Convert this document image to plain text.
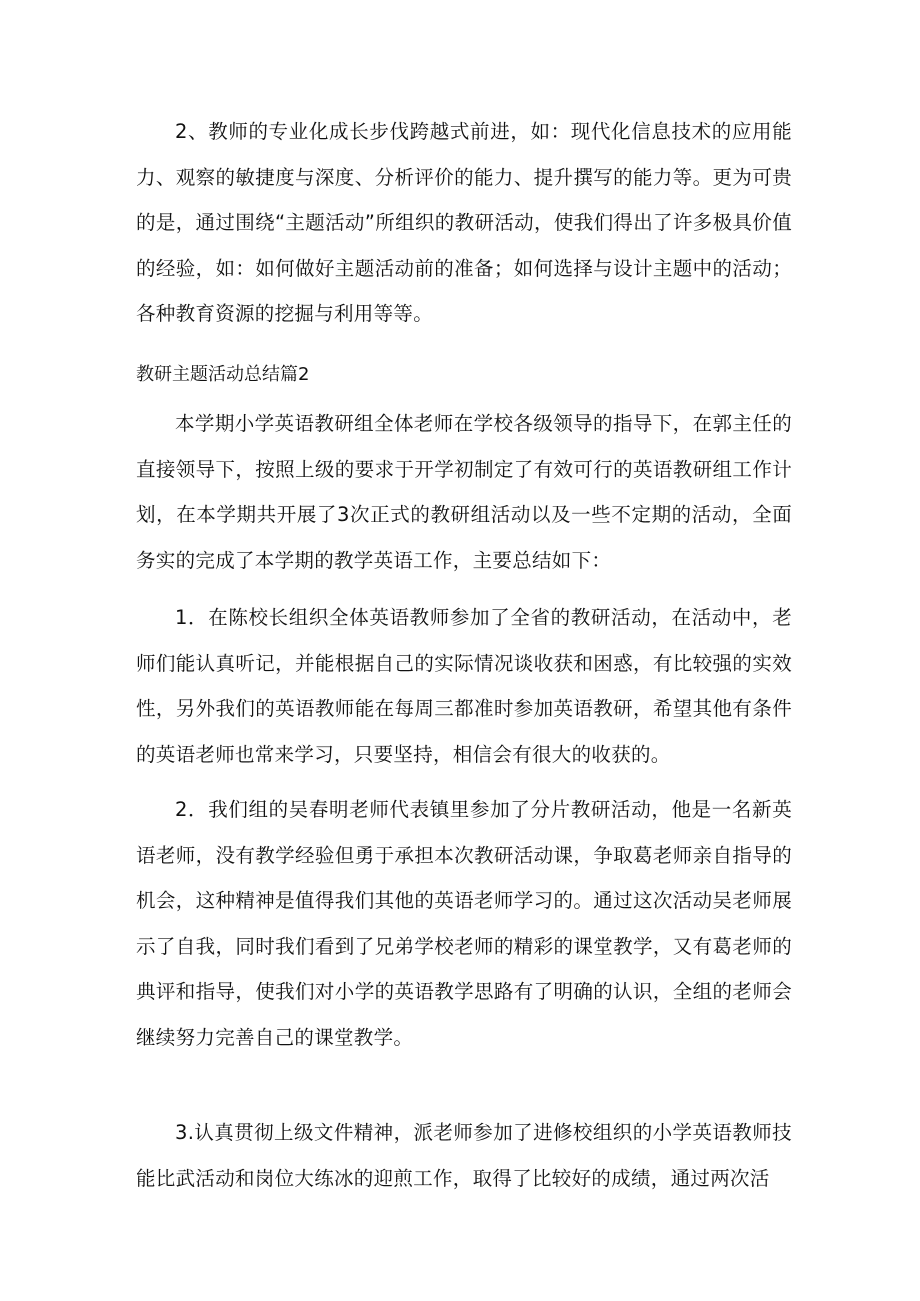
2、教师的专业化成长步伐跨越式前进，如：现代化信息技术的应用能力、观察的敏捷度与深度、分析评价的能力、提升撰写的能力等。更为可贵的是，通过围绕“主题活动”所组织的教研活动，使我们得出了许多极具价值的经验，如：如何做好主题活动前的准备；如何选择与设计主题中的活动；各种教育资源的挖掘与利用等等。

教研主题活动总结篇2

本学期小学英语教研组全体老师在学校各级领导的指导下，在郭主任的直接领导下，按照上级的要求于开学初制定了有效可行的英语教研组工作计划，在本学期共开展了3次正式的教研组活动以及一些不定期的活动，全面务实的完成了本学期的教学英语工作，主要总结如下：

1．在陈校长组织全体英语教师参加了全省的教研活动，在活动中，老师们能认真听记，并能根据自己的实际情况谈收获和困惑，有比较强的实效性，另外我们的英语教师能在每周三都准时参加英语教研，希望其他有条件的英语老师也常来学习，只要坚持，相信会有很大的收获的。

2．我们组的吴春明老师代表镇里参加了分片教研活动，他是一名新英语老师，没有教学经验但勇于承担本次教研活动课，争取葛老师亲自指导的机会，这种精神是值得我们其他的英语老师学习的。通过这次活动吴老师展示了自我，同时我们看到了兄弟学校老师的精彩的课堂教学，又有葛老师的典评和指导，使我们对小学的英语教学思路有了明确的认识，全组的老师会继续努力完善自己的课堂教学。

3.认真贯彻上级文件精神，派老师参加了进修校组织的小学英语教师技能比武活动和岗位大练冰的迎煎工作，取得了比较好的成绩，通过两次活
